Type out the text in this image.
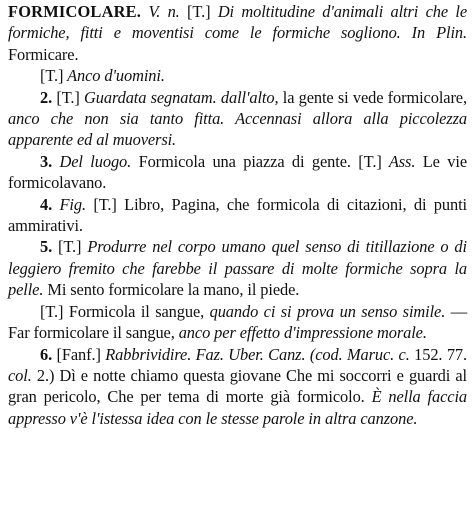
FORMICOLARE. V. n. [T.] Di moltitudine d'animali altri che le formiche, fitti e moventisi come le formiche sogliono. In Plin. Formicare.

[T.] Anco d'uomini.

2. [T.] Guardata segnatam. dall'alto, la gente si vede formicolare, anco che non sia tanto fitta. Accennasi allora alla piccolezza apparente ed al muoversi.

3. Del luogo. Formicola una piazza di gente. [T.] Ass. Le vie formicolavano.

4. Fig. [T.] Libro, Pagina, che formicola di citazioni, di punti ammirativi.

5. [T.] Produrre nel corpo umano quel senso di titillazione o di leggiero fremito che farebbe il passare di molte formiche sopra la pelle. Mi sento formicolare la mano, il piede.

[T.] Formicola il sangue, quando ci si prova un senso simile. — Far formicolare il sangue, anco per effetto d'impressione morale.

6. [Fanf.] Rabbrividire. Faz. Uber. Canz. (cod. Maruc. c. 152. 77. col. 2.) Dì e notte chiamo questa giovane Che mi soccorri e guardi al gran pericolo, Che per tema di morte già formicolo. È nella faccia appresso v'è l'istessa idea con le stesse parole in altra canzone.
